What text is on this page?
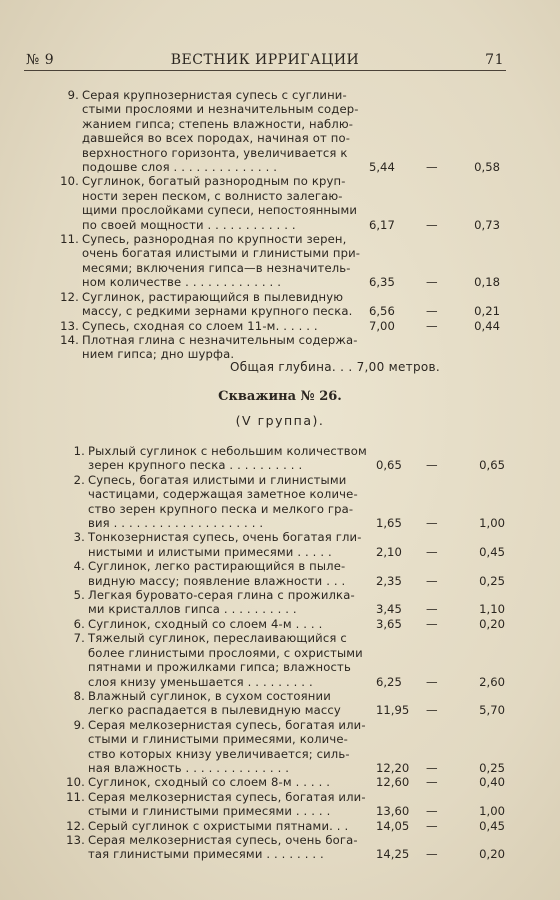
№ 9	ВЕСТНИК ИРРИГАЦИИ	71
9. Серая крупнозернистая супесь с суглини-
стыми прослоями и незначительным содер-
жанием гипса; степень влажности, наблю-
давшейся во всех породах, начиная от по-
верхностного горизонта, увеличивается к
подошве слоя . . . . . . . . . . . . . .	5,44	—	0,58
10. Суглинок, богатый разнородным по круп-
ности зерен песком, с волнисто залегаю-
щими прослойками супеси, непостоянными
по своей мощности . . . . . . . . . . . .	6,17	—	0,73
11. Супесь, разнородная по крупности зерен,
очень богатая илистыми и глинистыми при-
месями; включения гипса—в незначитель-
ном количестве . . . . . . . . . . . . .	6,35	—	0,18
12. Суглинок, растирающийся в пылевидную
массу, с редкими зернами крупного песка.	6,56	—	0,21
13. Супесь, сходная со слоем 11-м. . . . . .	7,00	—	0,44
14. Плотная глина с незначительным содержа-
нием гипса; дно шурфа.
Общая глубина. . . 7,00 метров.
Скважина № 26.
(V группа).
1. Рыхлый суглинок с небольшим количеством
зерен крупного песка . . . . . . . . . .	0,65 —	0,65
2. Супесь, богатая илистыми и глинистыми
частицами, содержащая заметное количе-
ство зерен крупного песка и мелкого гра-
вия . . . . . . . . . . . . . . . . . . . .	1,65 —	1,00
3. Тонкозернистая супесь, очень богатая гли-
нистыми и илистыми примесями . . . . .	2,10 —	0,45
4. Суглинок, легко растирающийся в пыле-
видную массу; появление влажности . . .	2,35 —	0,25
5. Легкая буровато-серая глина с прожилка-
ми кристаллов гипса . . . . . . . . . .	3,45 —	1,10
6. Суглинок, сходный со слоем 4-м . . . .	3,65 —	0,20
7. Тяжелый суглинок, переслаивающийся с
более глинистыми прослоями, с охристыми
пятнами и прожилками гипса; влажность
слоя книзу уменьшается . . . . . . . . .	6,25 —	2,60
8. Влажный суглинок, в сухом состоянии
легко распадается в пылевидную массу	11,95 —	5,70
9. Серая мелкозернистая супесь, богатая или-
стыми и глинистыми примесями, количе-
ство которых книзу увеличивается; силь-
ная влажность . . . . . . . . . . . . . .	12,20 —	0,25
10. Суглинок, сходный со слоем 8-м . . . . .	12,60 —	0,40
11. Серая мелкозернистая супесь, богатая или-
стыми и глинистыми примесями . . . . .	13,60 —	1,00
12. Серый суглинок с охристыми пятнами. . .	14,05 —	0,45
13. Серая мелкозернистая супесь, очень бога-
тая глинистыми примесями . . . . . . . .	14,25 —	0,20
